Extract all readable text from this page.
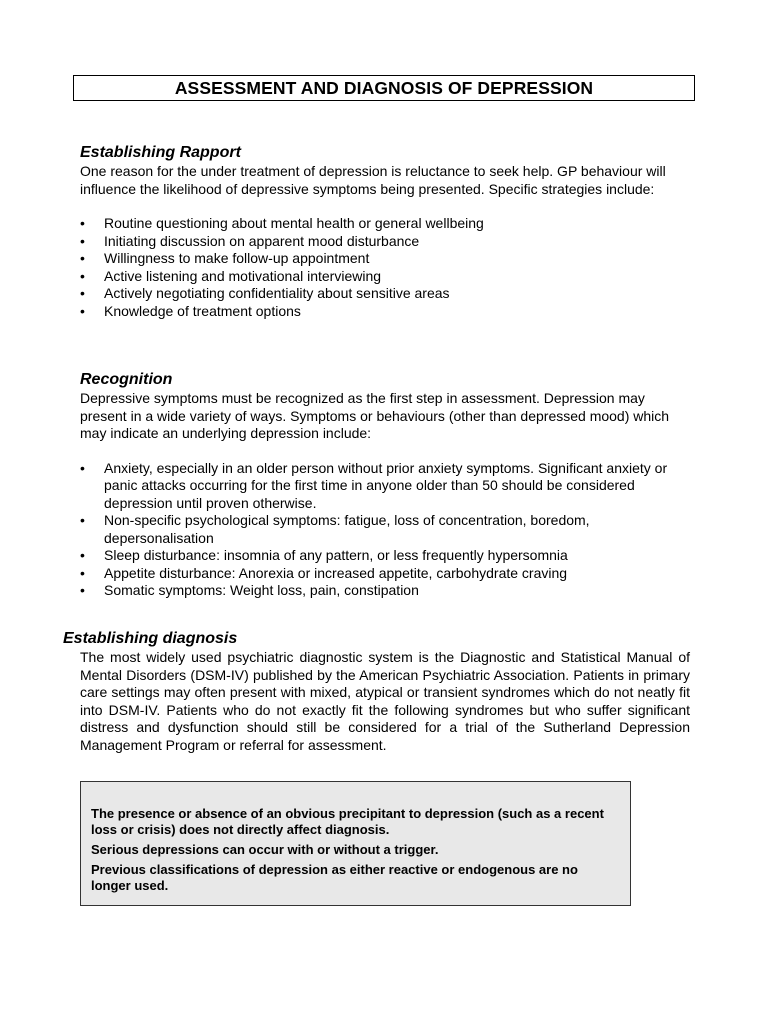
ASSESSMENT AND DIAGNOSIS OF DEPRESSION
Establishing Rapport

One reason for the under treatment of depression is reluctance to seek help. GP behaviour will influence the likelihood of depressive symptoms being presented. Specific strategies include:

•	Routine questioning about mental health or general wellbeing
•	Initiating discussion on apparent mood disturbance
•	Willingness to make follow-up appointment
•	Active listening and motivational interviewing
•	Actively negotiating confidentiality about sensitive areas
•	Knowledge of treatment options
Recognition

Depressive symptoms must be recognized as the first step in assessment. Depression may present in a wide variety of ways. Symptoms or behaviours (other than depressed mood) which may indicate an underlying depression include:

•	Anxiety, especially in an older person without prior anxiety symptoms. Significant anxiety or panic attacks occurring for the first time in anyone older than 50 should be considered depression until proven otherwise.
•	Non-specific psychological symptoms: fatigue, loss of concentration, boredom, depersonalisation
•	Sleep disturbance: insomnia of any pattern, or less frequently hypersomnia
•	Appetite disturbance: Anorexia or increased appetite, carbohydrate craving
•	Somatic symptoms: Weight loss, pain, constipation
Establishing diagnosis

The most widely used psychiatric diagnostic system is the Diagnostic and Statistical Manual of Mental Disorders (DSM-IV) published by the American Psychiatric Association. Patients in primary care settings may often present with mixed, atypical or transient syndromes which do not neatly fit into DSM-IV. Patients who do not exactly fit the following syndromes but who suffer significant distress and dysfunction should still be considered for a trial of the Sutherland Depression Management Program or referral for assessment.

The presence or absence of an obvious precipitant to depression (such as a recent loss or crisis) does not directly affect diagnosis.

Serious depressions can occur with or without a trigger.

Previous classifications of depression as either reactive or endogenous are no longer used.
